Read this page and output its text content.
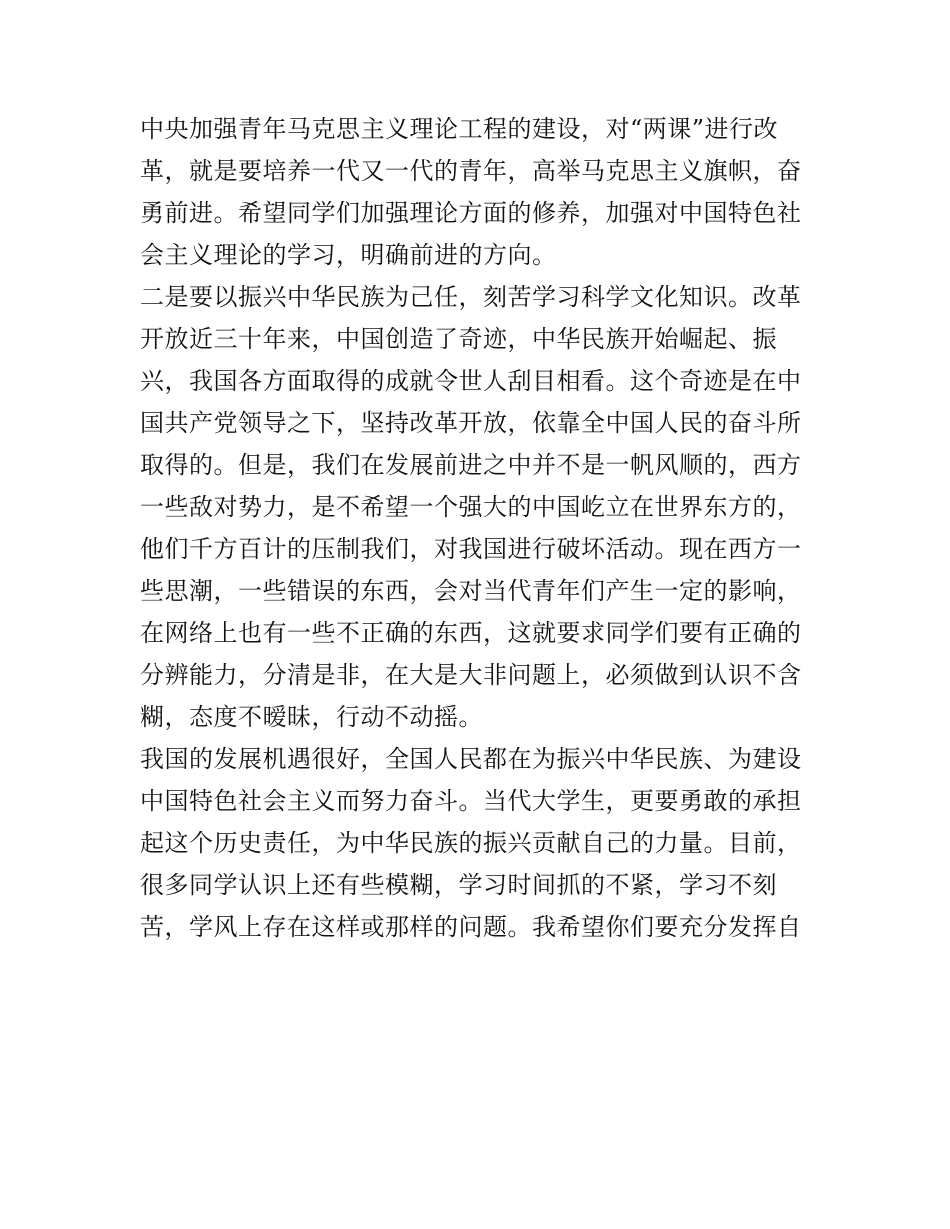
中央加强青年马克思主义理论工程的建设，对“两课”进行改
革，就是要培养一代又一代的青年，高举马克思主义旗帜，奋
勇前进。希望同学们加强理论方面的修养，加强对中国特色社
会主义理论的学习，明确前进的方向。

二是要以振兴中华民族为己任，刻苦学习科学文化知识。改革
开放近三十年来，中国创造了奇迹，中华民族开始崛起、振
兴，我国各方面取得的成就令世人刮目相看。这个奇迹是在中
国共产党领导之下，坚持改革开放，依靠全中国人民的奋斗所
取得的。但是，我们在发展前进之中并不是一帆风顺的，西方
一些敌对势力，是不希望一个强大的中国屹立在世界东方的，
他们千方百计的压制我们，对我国进行破坏活动。现在西方一
些思潮，一些错误的东西，会对当代青年们产生一定的影响，
在网络上也有一些不正确的东西，这就要求同学们要有正确的
分辨能力，分清是非，在大是大非问题上，必须做到认识不含
糊，态度不暧昧，行动不动摇。

我国的发展机遇很好，全国人民都在为振兴中华民族、为建设
中国特色社会主义而努力奋斗。当代大学生，更要勇敢的承担
起这个历史责任，为中华民族的振兴贡献自己的力量。目前，
很多同学认识上还有些模糊，学习时间抓的不紧，学习不刻
苦，学风上存在这样或那样的问题。我希望你们要充分发挥自
